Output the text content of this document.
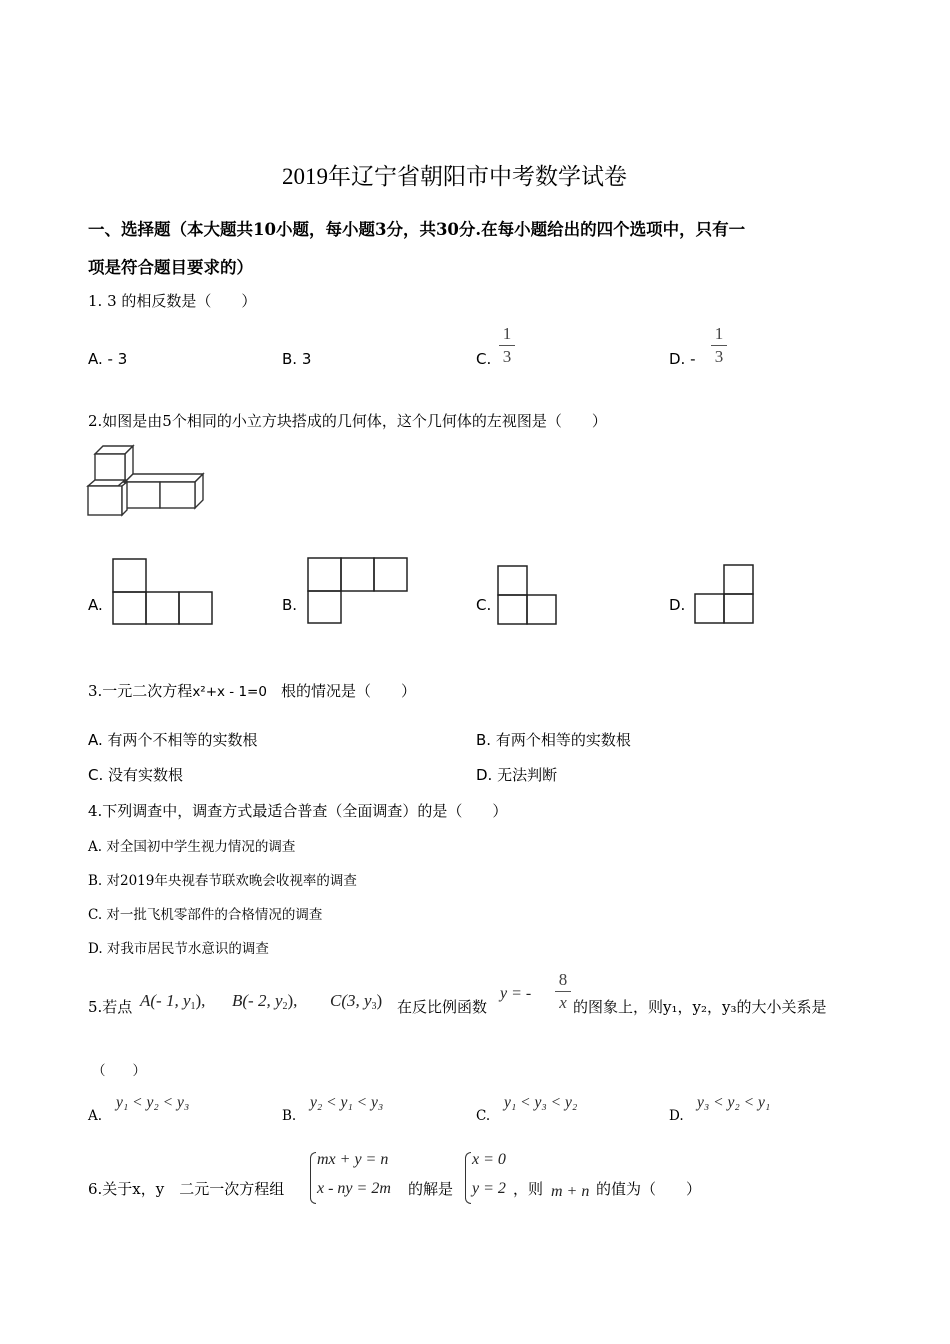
2019年辽宁省朝阳市中考数学试卷
一、选择题（本大题共10小题，每小题3分，共30分.在每小题给出的四个选项中，只有一
项是符合题目要求的）
1. 3 的相反数是（　　）
A. - 3	B. 3	C.
1
3	D. -
1
3
2.如图是由5个相同的小立方块搭成的几何体，这个几何体的左视图是（　　）
A.	B.	C.	D.
3.一元二次方程x²+x - 1=0 根的情况是（　　）
A. 有两个不相等的实数根	B. 有两个相等的实数根
C. 没有实数根	D. 无法判断
4.下列调查中，调查方式最适合普查（全面调查）的是（　　）
A. 对全国初中学生视力情况的调查
B. 对2019年央视春节联欢晚会收视率的调查
C. 对一批飞机零部件的合格情况的调查
D. 对我市居民节水意识的调查
5.若点 A(- 1, $y_1$), B(- 2, $y_2$), C(3, $y_3$) 在反比例函数
y = -
8
x 的图象上，则y₁，y₂，y₃的大小关系是
（　　）
A.
y₁ < y₂ < y₃
B.
y₂ < y₁ < y₃
C.
y₁ < y₃ < y₂
D.
y₃ < y₂ < y₁
6.关于x，y　二元一次方程组
mx + y = n
x - ny = 2m 的解是
x = 0
y = 2 ，则 m + n 的值为（　　）
